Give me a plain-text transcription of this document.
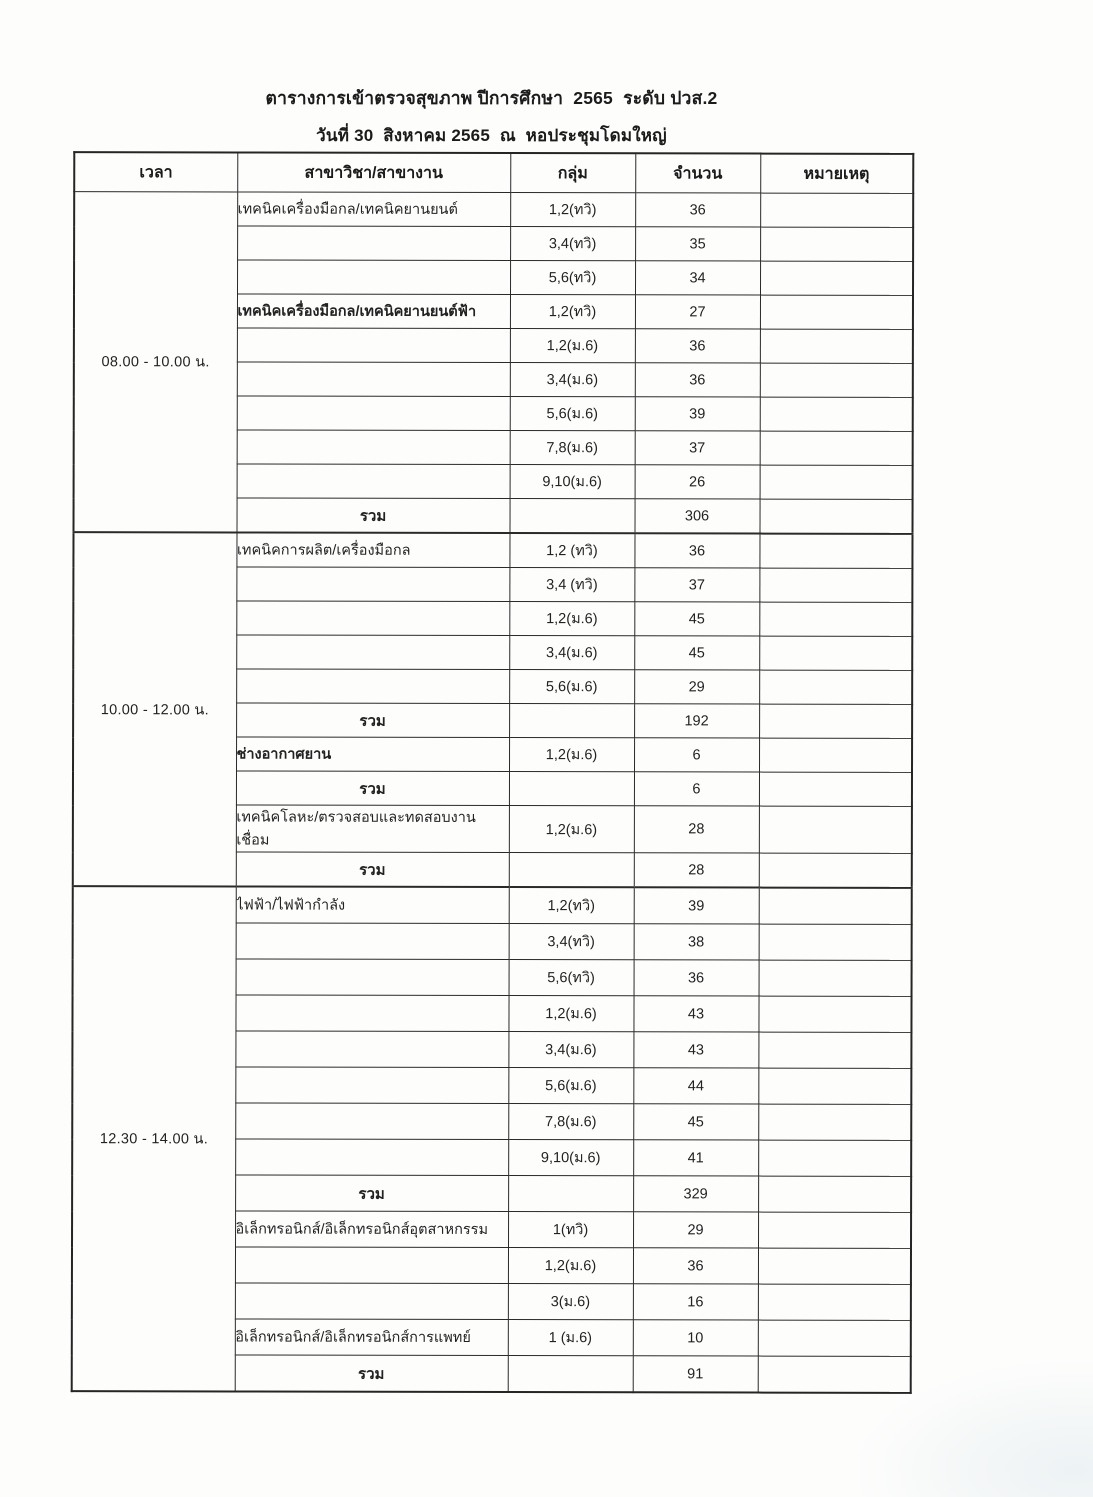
ตารางการเข้าตรวจสุขภาพ ปีการศึกษา  2565  ระดับ ปวส.2
วันที่ 30  สิงหาคม 2565  ณ  หอประชุมโดมใหญ่
เวลา	สาขาวิชา/สาขางาน	กลุ่ม	จำนวน	หมายเหตุ
08.00 - 10.00 น.	เทคนิคเครื่องมือกล/เทคนิคยานยนต์	1,2(ทวิ)	36	
		3,4(ทวิ)	35	
		5,6(ทวิ)	34	
	เทคนิคเครื่องมือกล/เทคนิคยานยนต์ฟ้า	1,2(ทวิ)	27	
		1,2(ม.6)	36	
		3,4(ม.6)	36	
		5,6(ม.6)	39	
		7,8(ม.6)	37	
		9,10(ม.6)	26	
	รวม		306	
10.00 - 12.00 น.	เทคนิคการผลิต/เครื่องมือกล	1,2 (ทวิ)	36	
		3,4 (ทวิ)	37	
		1,2(ม.6)	45	
		3,4(ม.6)	45	
		5,6(ม.6)	29	
	รวม		192	
	ช่างอากาศยาน	1,2(ม.6)	6	
	รวม		6	
	เทคนิคโลหะ/ตรวจสอบและทดสอบงานเชื่อม	1,2(ม.6)	28	
	รวม		28	
12.30 - 14.00 น.	ไฟฟ้า/ไฟฟ้ากำลัง	1,2(ทวิ)	39	
		3,4(ทวิ)	38	
		5,6(ทวิ)	36	
		1,2(ม.6)	43	
		3,4(ม.6)	43	
		5,6(ม.6)	44	
		7,8(ม.6)	45	
		9,10(ม.6)	41	
	รวม		329	
	อิเล็กทรอนิกส์/อิเล็กทรอนิกส์อุตสาหกรรม	1(ทวิ)	29	
		1,2(ม.6)	36	
		3(ม.6)	16	
	อิเล็กทรอนิกส์/อิเล็กทรอนิกส์การแพทย์	1 (ม.6)	10	
	รวม		91	
